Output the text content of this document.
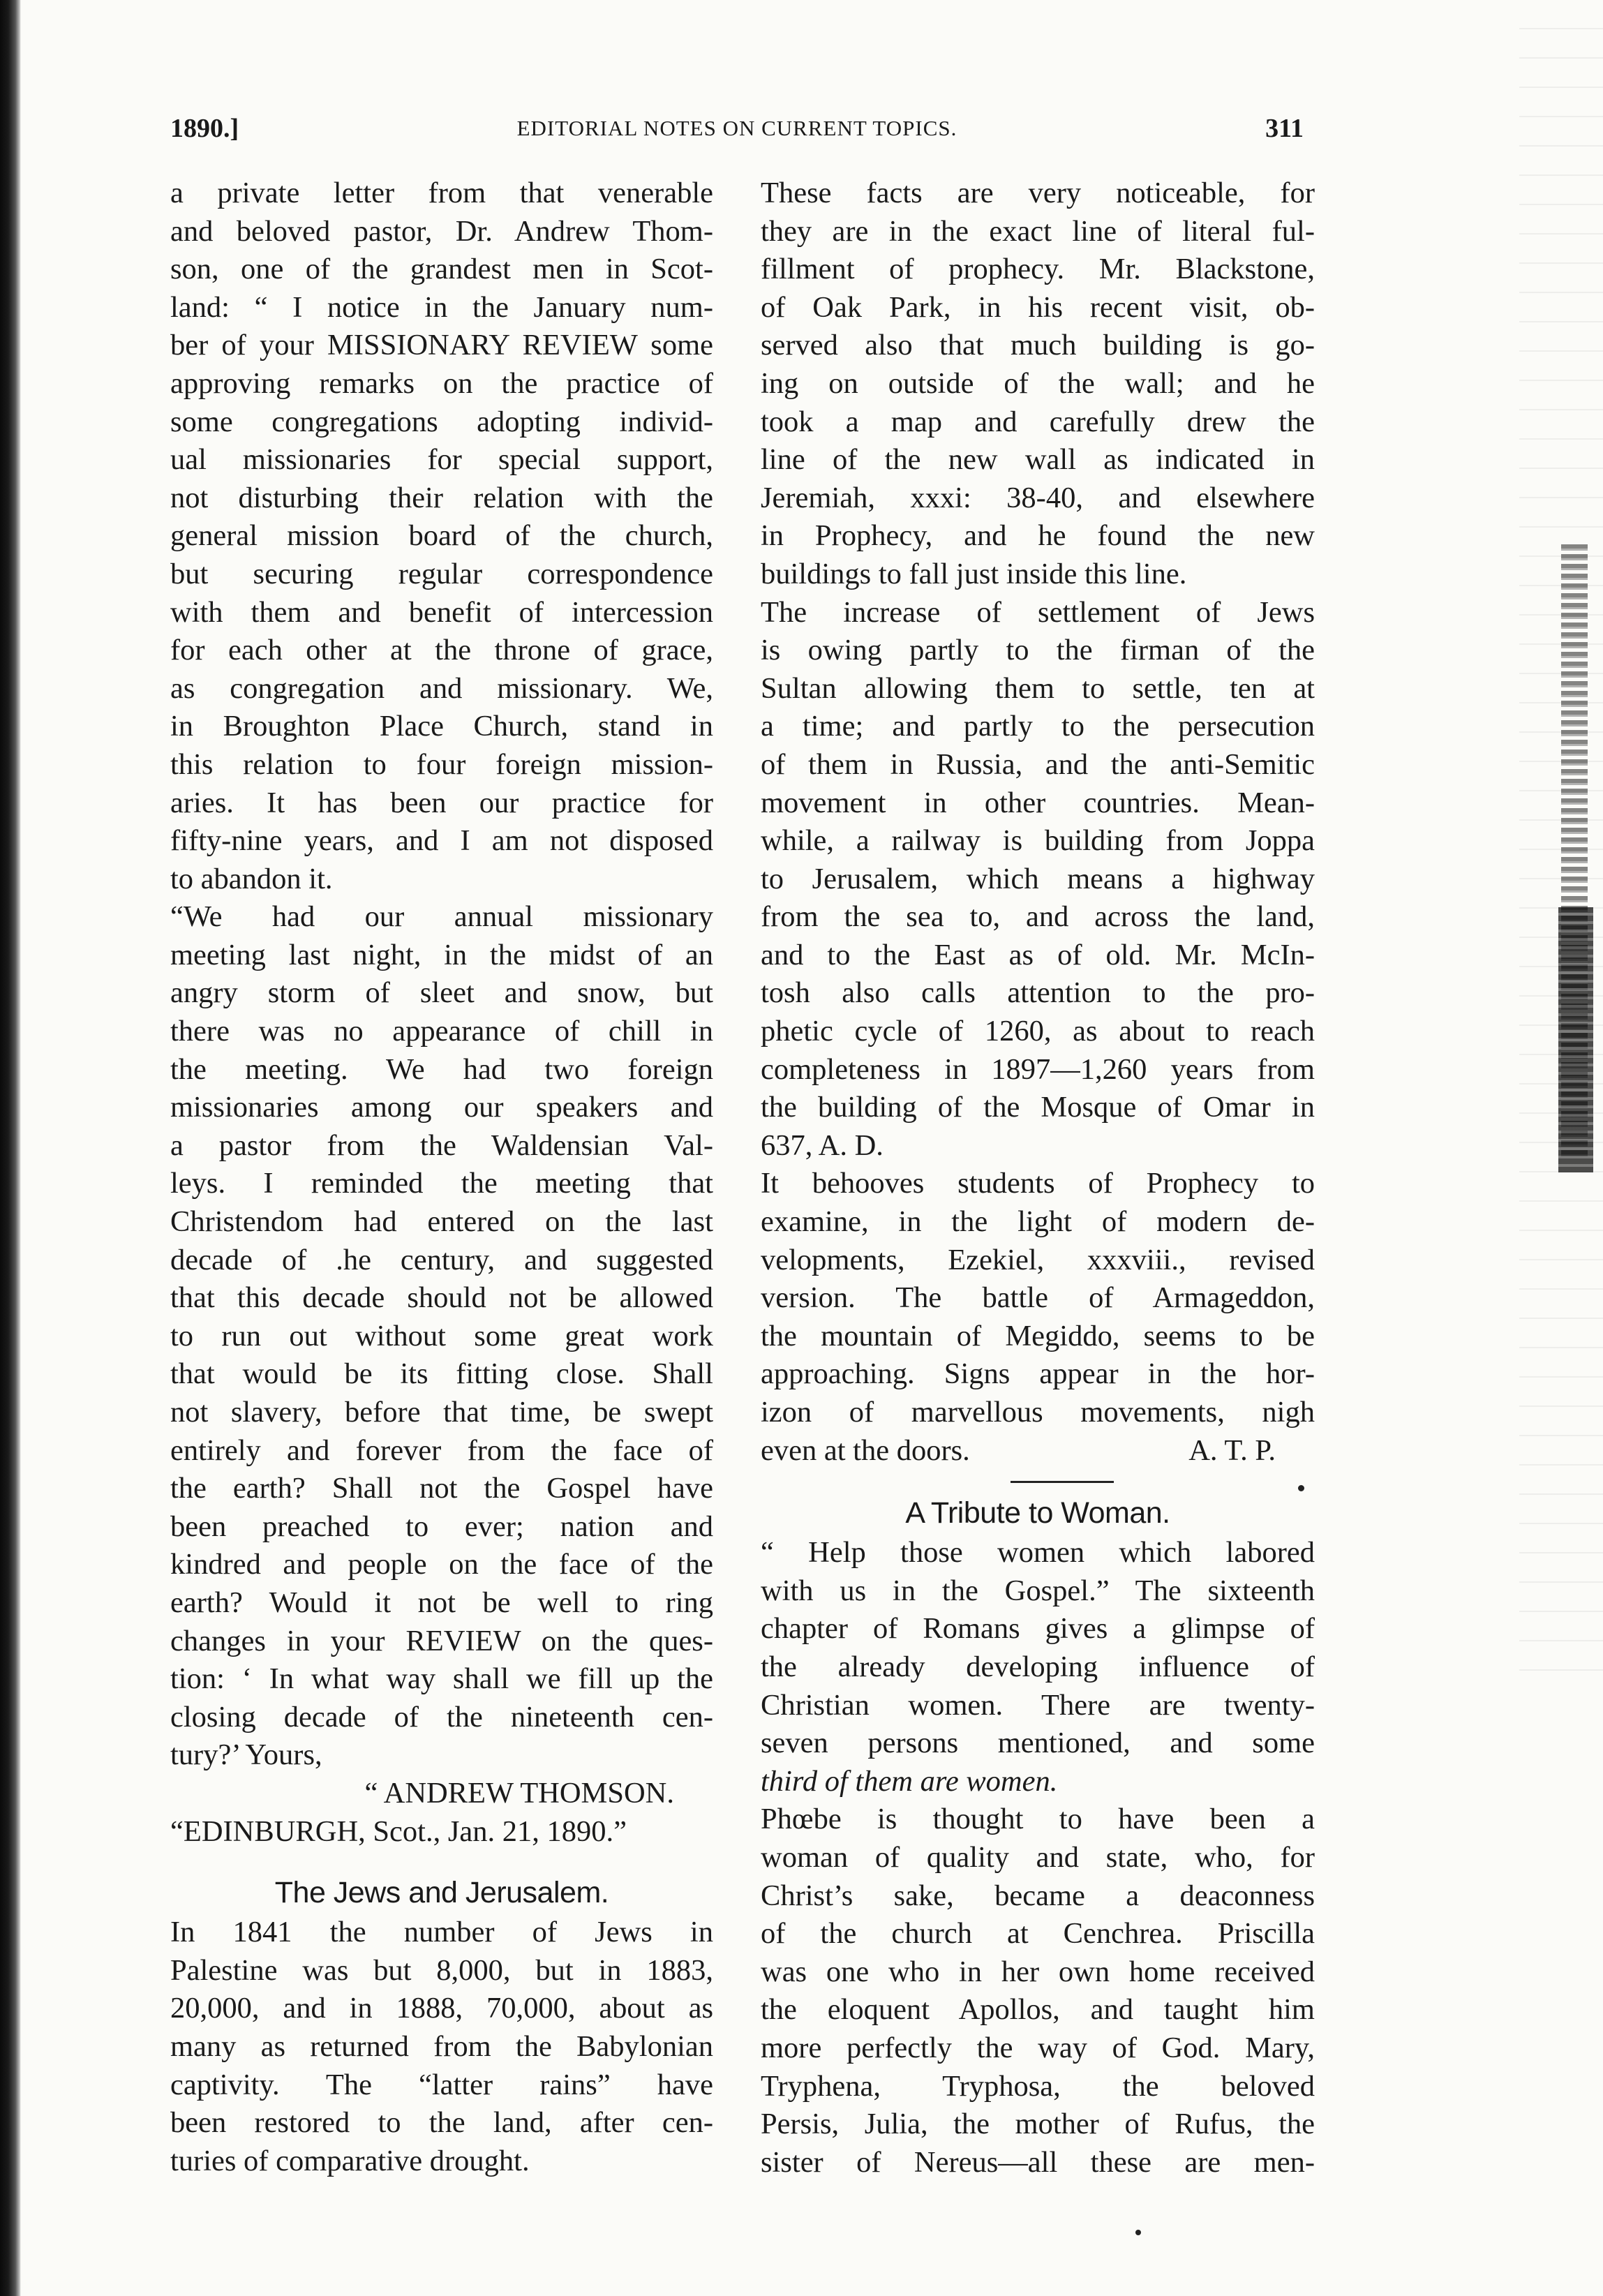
1890.]	EDITORIAL NOTES ON CURRENT TOPICS.	311
a private letter from that venerable
and beloved pastor, Dr. Andrew Thom-
son, one of the grandest men in Scot-
land: “ I notice in the January num-
ber of your MISSIONARY REVIEW some
approving remarks on the practice of
some congregations adopting individ-
ual missionaries for special support,
not disturbing their relation with the
general mission board of the church,
but securing regular correspondence
with them and benefit of intercession
for each other at the throne of grace,
as congregation and missionary. We,
in Broughton Place Church, stand in
this relation to four foreign mission-
aries. It has been our practice for
fifty-nine years, and I am not disposed
to abandon it.
“We had our annual missionary
meeting last night, in the midst of an
angry storm of sleet and snow, but
there was no appearance of chill in
the meeting. We had two foreign
missionaries among our speakers and
a pastor from the Waldensian Val-
leys. I reminded the meeting that
Christendom had entered on the last
decade of .he century, and suggested
that this decade should not be allowed
to run out without some great work
that would be its fitting close. Shall
not slavery, before that time, be swept
entirely and forever from the face of
the earth? Shall not the Gospel have
been preached to ever; nation and
kindred and people on the face of the
earth? Would it not be well to ring
changes in your REVIEW on the ques-
tion: ‘ In what way shall we fill up the
closing decade of the nineteenth cen-
tury?’ Yours,
“ ANDREW THOMSON.
“EDINBURGH, Scot., Jan. 21, 1890.”
The Jews and Jerusalem.
In 1841 the number of Jews in
Palestine was but 8,000, but in 1883,
20,000, and in 1888, 70,000, about as
many as returned from the Babylonian
captivity. The “latter rains” have
been restored to the land, after cen-
turies of comparative drought.
These facts are very noticeable, for
they are in the exact line of literal ful-
fillment of prophecy. Mr. Blackstone,
of Oak Park, in his recent visit, ob-
served also that much building is go-
ing on outside of the wall; and he
took a map and carefully drew the
line of the new wall as indicated in
Jeremiah, xxxi: 38-40, and elsewhere
in Prophecy, and he found the new
buildings to fall just inside this line.
The increase of settlement of Jews
is owing partly to the firman of the
Sultan allowing them to settle, ten at
a time; and partly to the persecution
of them in Russia, and the anti-Semitic
movement in other countries. Mean-
while, a railway is building from Joppa
to Jerusalem, which means a highway
from the sea to, and across the land,
and to the East as of old. Mr. McIn-
tosh also calls attention to the pro-
phetic cycle of 1260, as about to reach
completeness in 1897—1,260 years from
the building of the Mosque of Omar in
637, A. D.
It behooves students of Prophecy to
examine, in the light of modern de-
velopments, Ezekiel, xxxviii., revised
version. The battle of Armageddon,
the mountain of Megiddo, seems to be
approaching. Signs appear in the hor-
izon of marvellous movements, nigh
even at the doors.	A. T. P.
A Tribute to Woman.
“ Help those women which labored
with us in the Gospel.” The sixteenth
chapter of Romans gives a glimpse of
the already developing influence of
Christian women. There are twenty-
seven persons mentioned, and some
third of them are women.
Phœbe is thought to have been a
woman of quality and state, who, for
Christ’s sake, became a deaconness
of the church at Cenchrea. Priscilla
was one who in her own home received
the eloquent Apollos, and taught him
more perfectly the way of God. Mary,
Tryphena, Tryphosa, the beloved
Persis, Julia, the mother of Rufus, the
sister of Nereus—all these are men-
